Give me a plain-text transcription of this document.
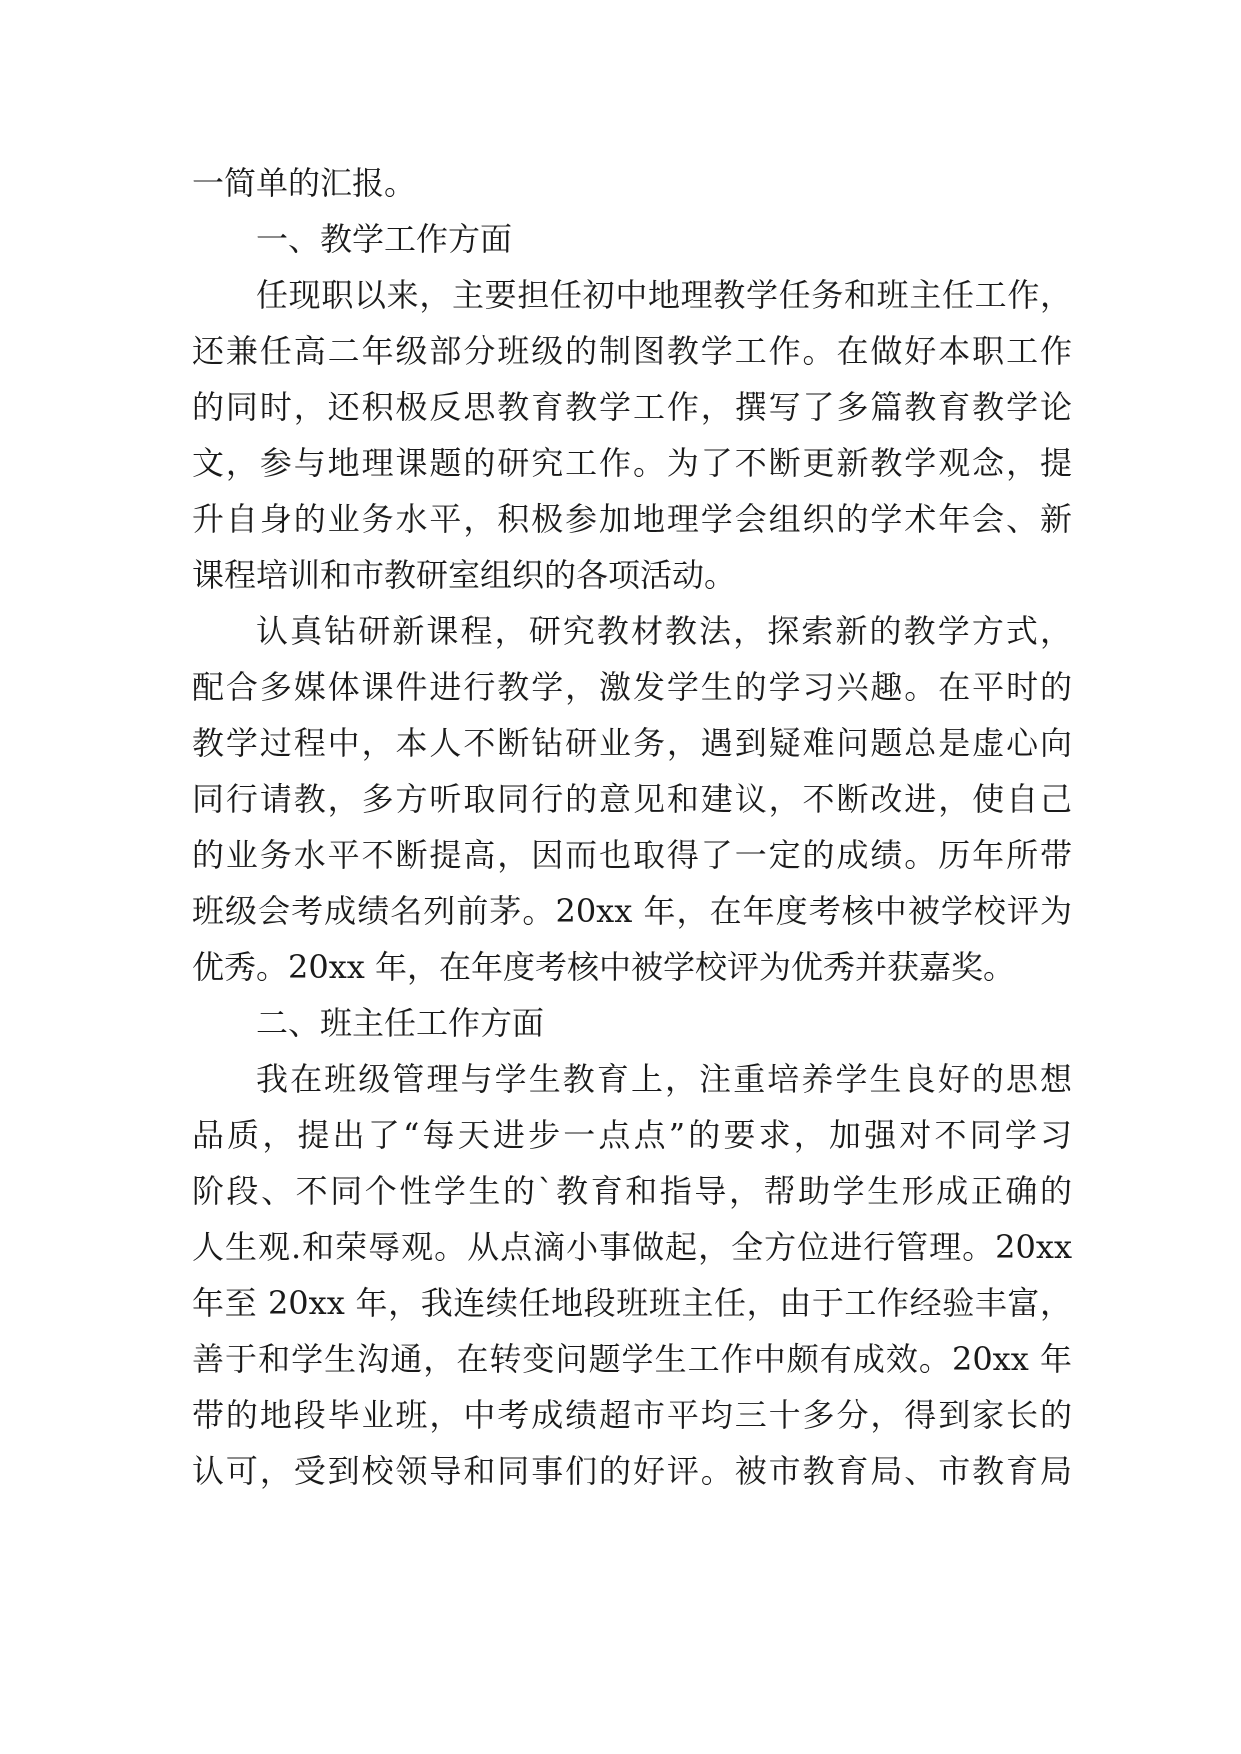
一简单的汇报。
一、教学工作方面
任现职以来，主要担任初中地理教学任务和班主任工作，
还兼任高二年级部分班级的制图教学工作。在做好本职工作
的同时，还积极反思教育教学工作，撰写了多篇教育教学论
文，参与地理课题的研究工作。为了不断更新教学观念，提
升自身的业务水平，积极参加地理学会组织的学术年会、新
课程培训和市教研室组织的各项活动。
认真钻研新课程，研究教材教法，探索新的教学方式，
配合多媒体课件进行教学，激发学生的学习兴趣。在平时的
教学过程中，本人不断钻研业务，遇到疑难问题总是虚心向
同行请教，多方听取同行的意见和建议，不断改进，使自己
的业务水平不断提高，因而也取得了一定的成绩。历年所带
班级会考成绩名列前茅。20xx 年，在年度考核中被学校评为
优秀。20xx 年，在年度考核中被学校评为优秀并获嘉奖。
二、班主任工作方面
我在班级管理与学生教育上，注重培养学生良好的思想
品质，提出了“每天进步一点点”的要求，加强对不同学习
阶段、不同个性学生的`教育和指导，帮助学生形成正确的
人生观.和荣辱观。从点滴小事做起，全方位进行管理。20xx
年至 20xx 年，我连续任地段班班主任，由于工作经验丰富，
善于和学生沟通，在转变问题学生工作中颇有成效。20xx 年
带的地段毕业班，中考成绩超市平均三十多分，得到家长的
认可，受到校领导和同事们的好评。被市教育局、市教育局
